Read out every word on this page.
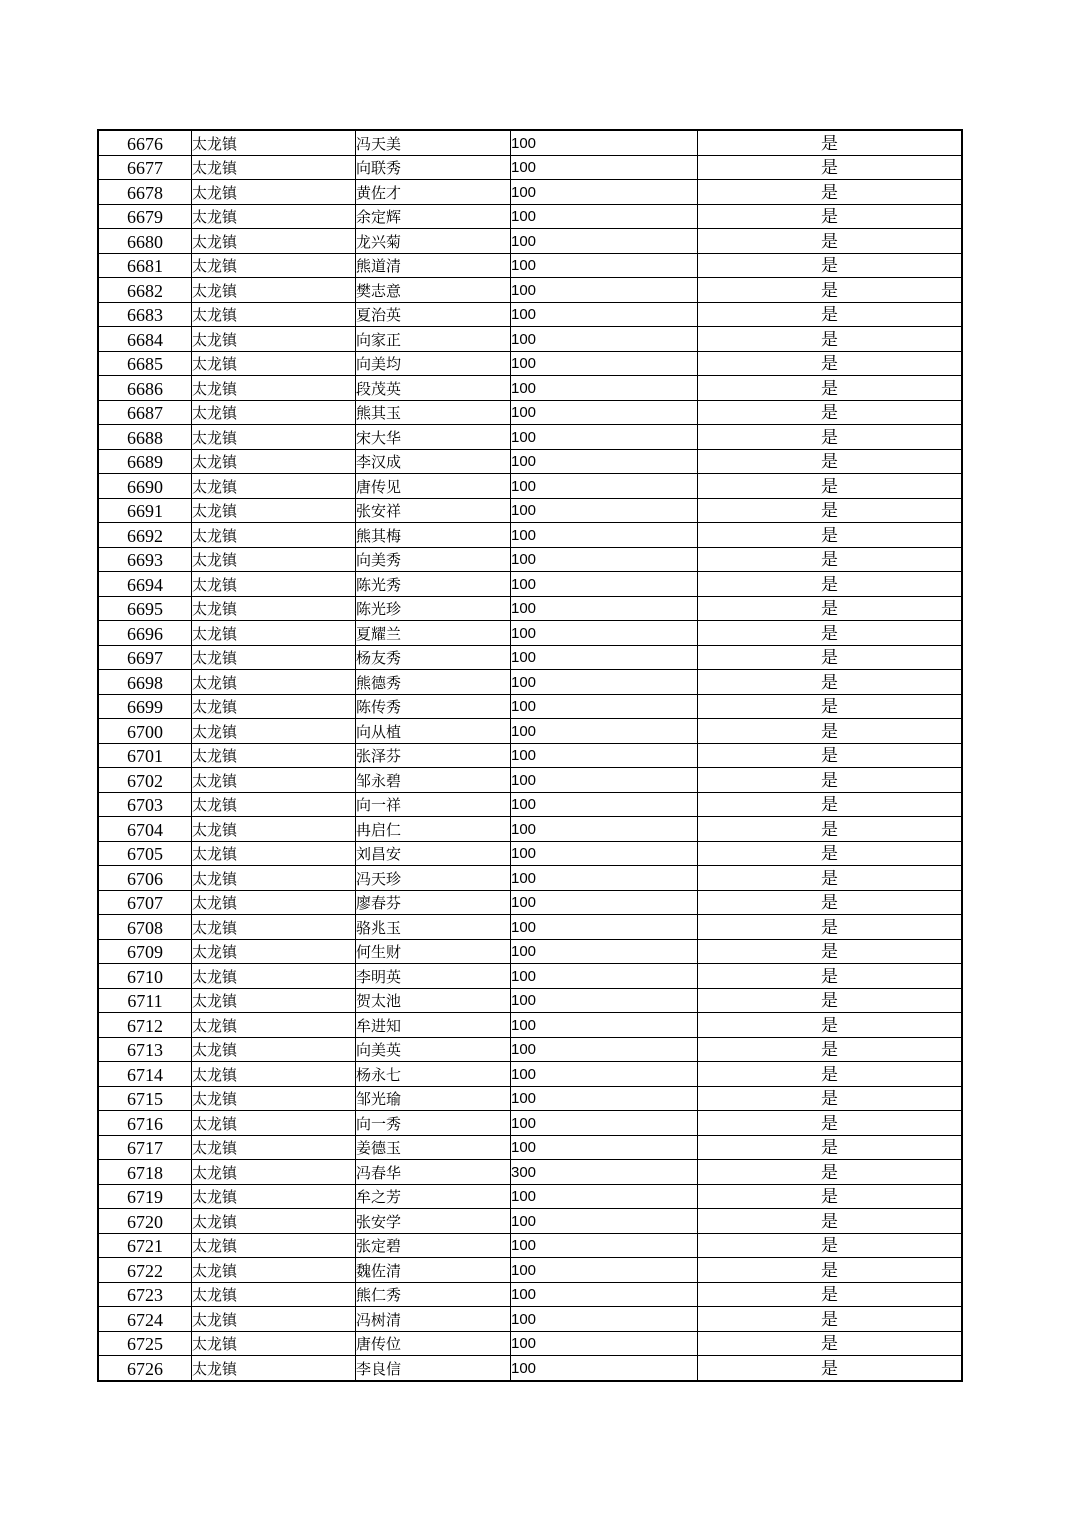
6676	太龙镇	冯天美	100	是
6677	太龙镇	向联秀	100	是
6678	太龙镇	黄佐才	100	是
6679	太龙镇	余定辉	100	是
6680	太龙镇	龙兴菊	100	是
6681	太龙镇	熊道清	100	是
6682	太龙镇	樊志意	100	是
6683	太龙镇	夏治英	100	是
6684	太龙镇	向家正	100	是
6685	太龙镇	向美均	100	是
6686	太龙镇	段茂英	100	是
6687	太龙镇	熊其玉	100	是
6688	太龙镇	宋大华	100	是
6689	太龙镇	李汉成	100	是
6690	太龙镇	唐传见	100	是
6691	太龙镇	张安祥	100	是
6692	太龙镇	熊其梅	100	是
6693	太龙镇	向美秀	100	是
6694	太龙镇	陈光秀	100	是
6695	太龙镇	陈光珍	100	是
6696	太龙镇	夏耀兰	100	是
6697	太龙镇	杨友秀	100	是
6698	太龙镇	熊德秀	100	是
6699	太龙镇	陈传秀	100	是
6700	太龙镇	向从植	100	是
6701	太龙镇	张泽芬	100	是
6702	太龙镇	邹永碧	100	是
6703	太龙镇	向一祥	100	是
6704	太龙镇	冉启仁	100	是
6705	太龙镇	刘昌安	100	是
6706	太龙镇	冯天珍	100	是
6707	太龙镇	廖春芬	100	是
6708	太龙镇	骆兆玉	100	是
6709	太龙镇	何生财	100	是
6710	太龙镇	李明英	100	是
6711	太龙镇	贺太池	100	是
6712	太龙镇	牟进知	100	是
6713	太龙镇	向美英	100	是
6714	太龙镇	杨永七	100	是
6715	太龙镇	邹光瑜	100	是
6716	太龙镇	向一秀	100	是
6717	太龙镇	姜德玉	100	是
6718	太龙镇	冯春华	300	是
6719	太龙镇	牟之芳	100	是
6720	太龙镇	张安学	100	是
6721	太龙镇	张定碧	100	是
6722	太龙镇	魏佐清	100	是
6723	太龙镇	熊仁秀	100	是
6724	太龙镇	冯树清	100	是
6725	太龙镇	唐传位	100	是
6726	太龙镇	李良信	100	是
